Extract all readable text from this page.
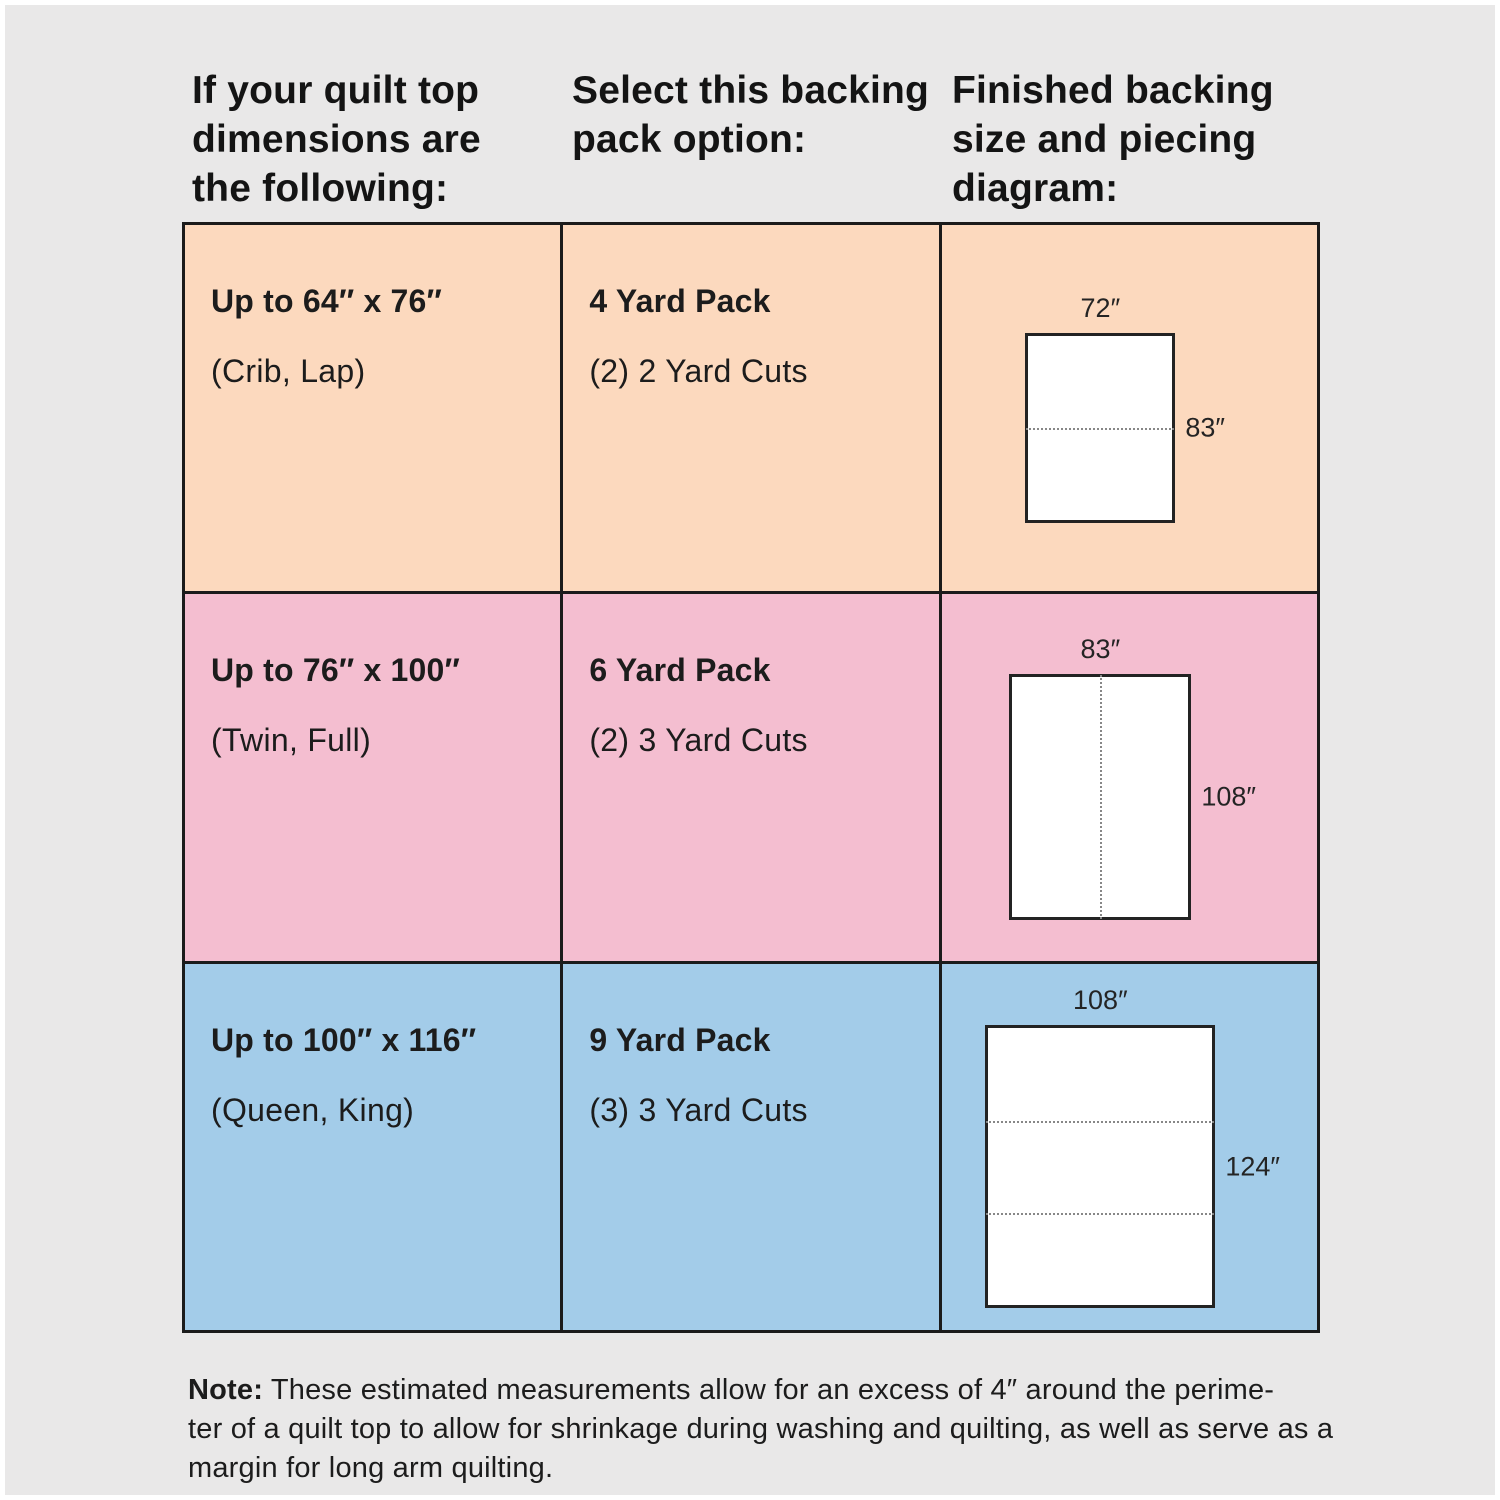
If your quilt top
dimensions are
the following:
Select this backing
pack option:
Finished backing
size and piecing
diagram:
Up to 64″ x 76″
(Crib, Lap)
4 Yard Pack
(2) 2 Yard Cuts
72″
83″
Up to 76″ x 100″
(Twin, Full)
6 Yard Pack
(2) 3 Yard Cuts
83″
108″
Up to 100″ x 116″
(Queen, King)
9 Yard Pack
(3) 3 Yard Cuts
108″
124″

Note: These estimated measurements allow for an excess of 4″ around the perime-
ter of a quilt top to allow for shrinkage during washing and quilting, as well as serve as a
margin for long arm quilting.
